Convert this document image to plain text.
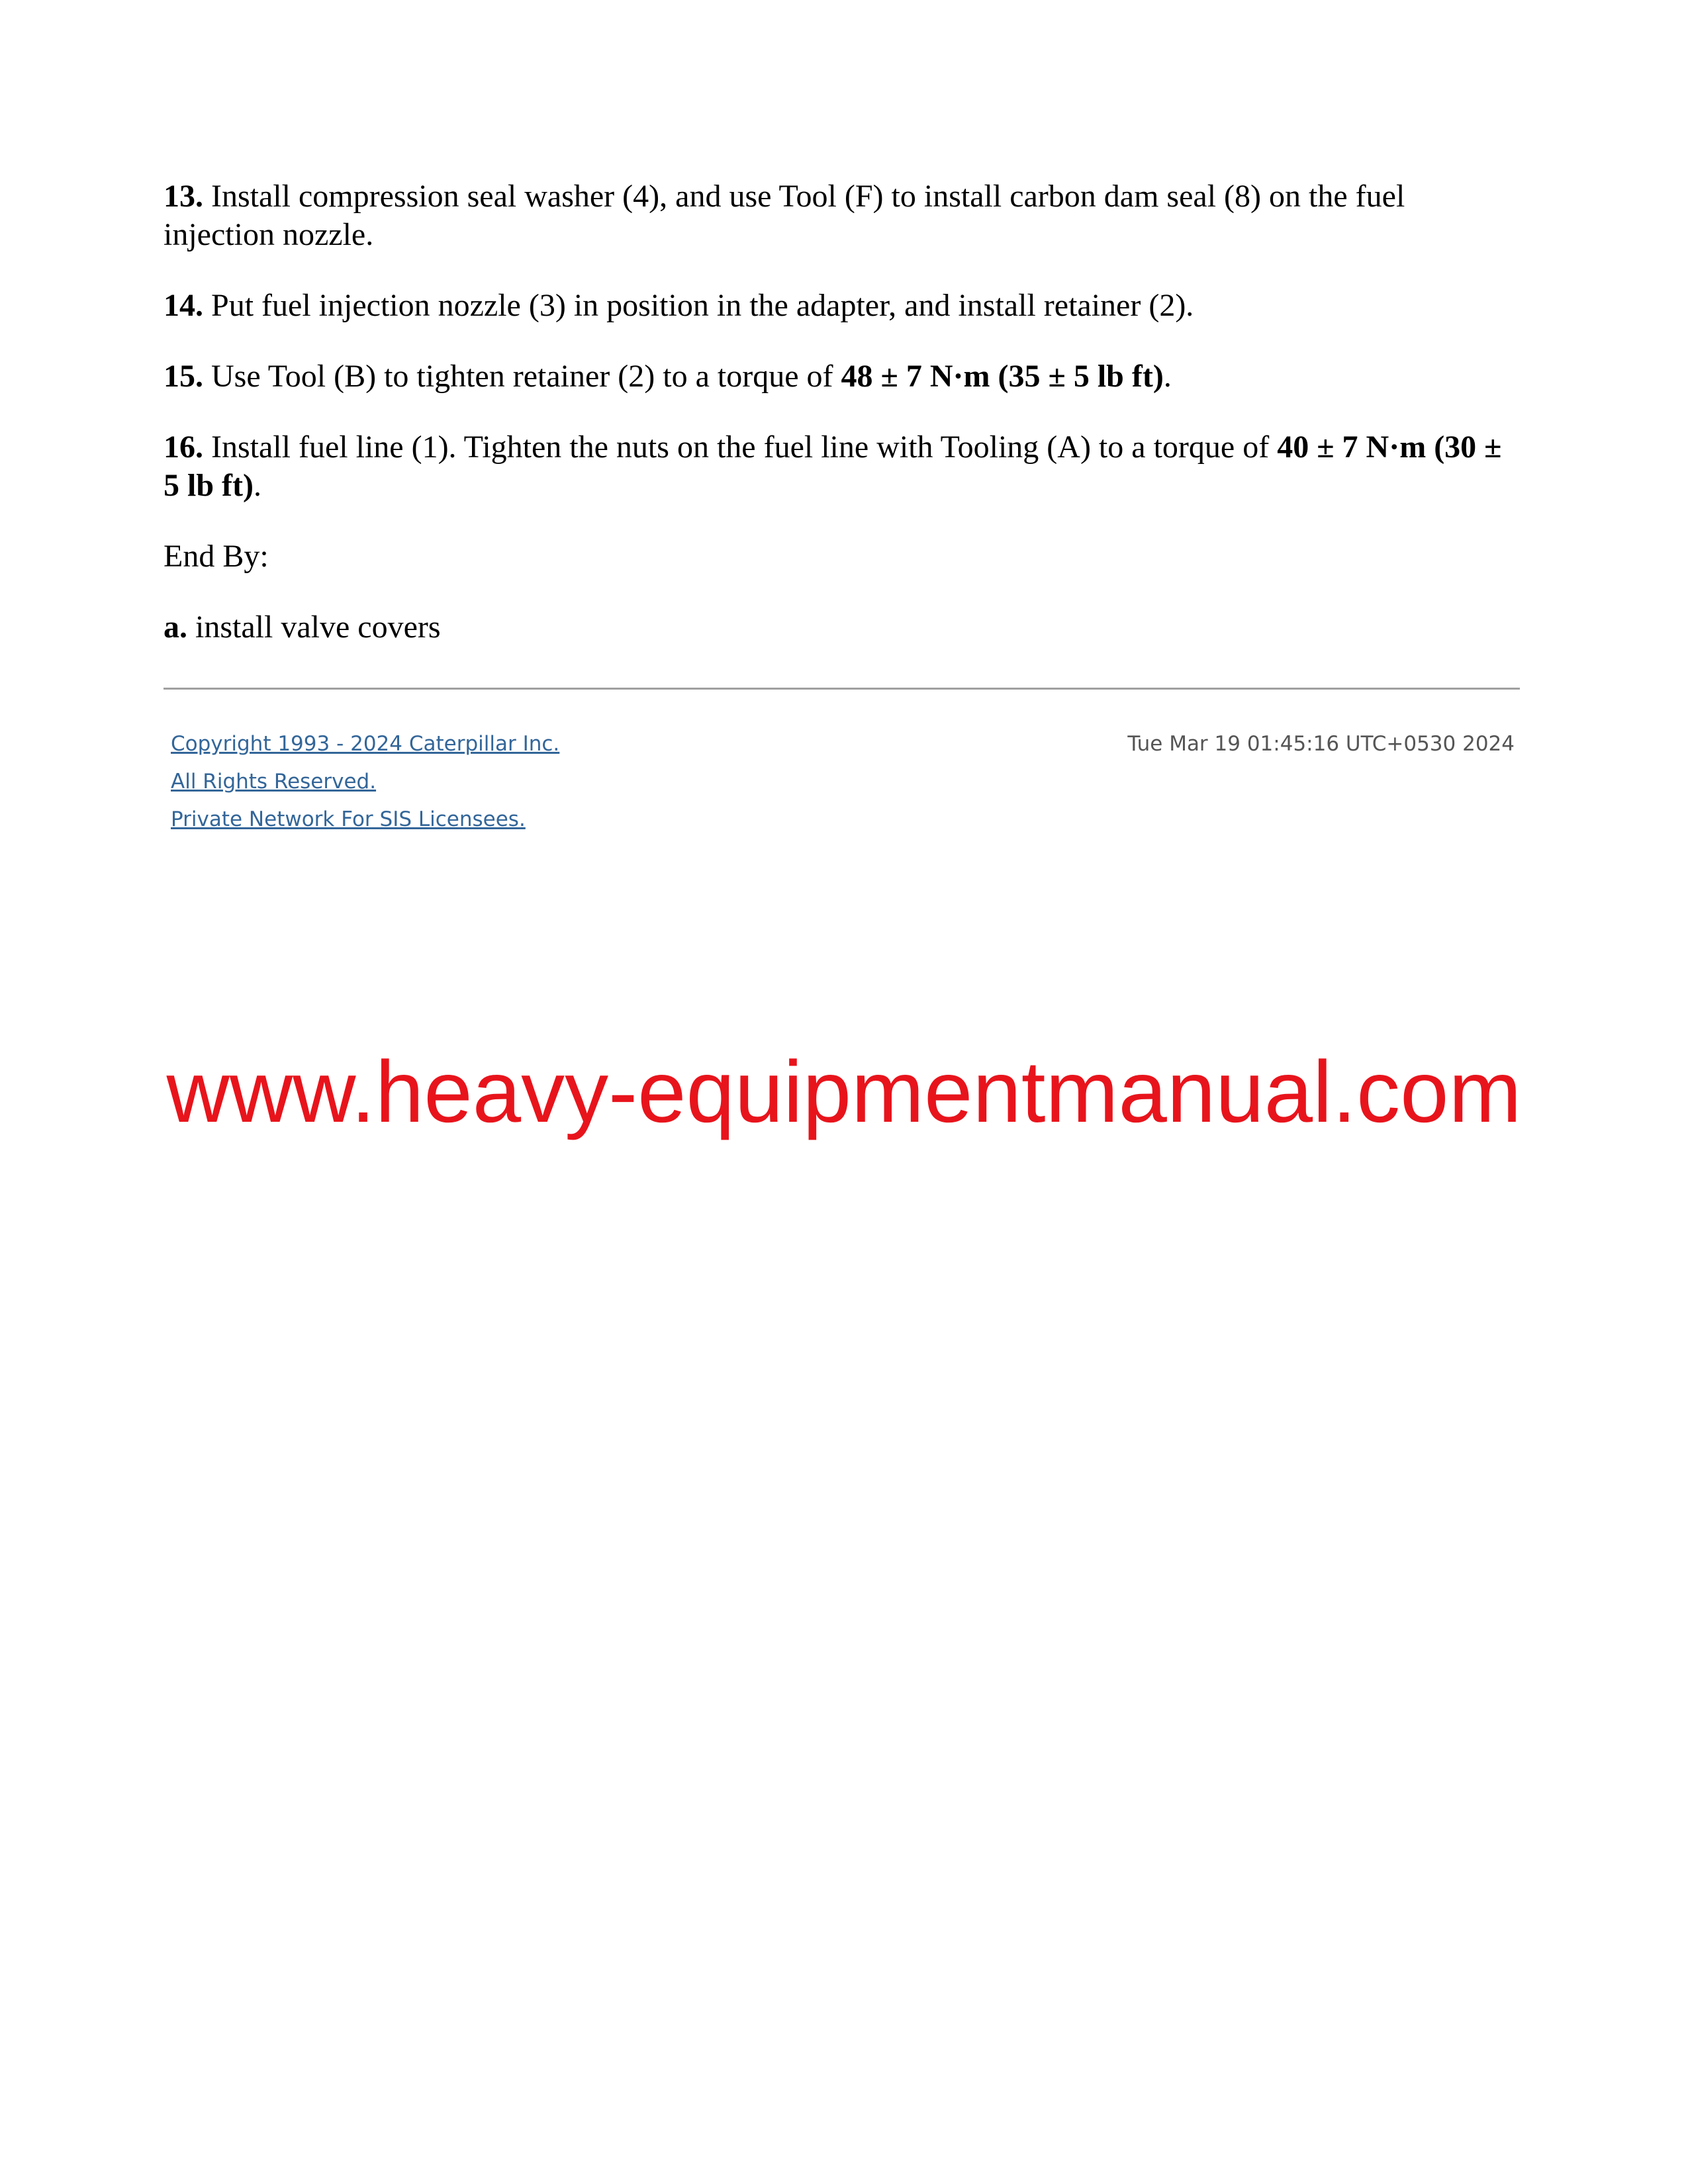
13. Install compression seal washer (4), and use Tool (F) to install carbon dam seal (8) on the fuel injection nozzle.

14. Put fuel injection nozzle (3) in position in the adapter, and install retainer (2).

15. Use Tool (B) to tighten retainer (2) to a torque of 48 ± 7 N·m (35 ± 5 lb ft).

16. Install fuel line (1). Tighten the nuts on the fuel line with Tooling (A) to a torque of 40 ± 7 N·m (30 ± 5 lb ft).

End By:

a. install valve covers

Copyright 1993 - 2024 Caterpillar Inc.
All Rights Reserved.
Private Network For SIS Licensees.
Tue Mar 19 01:45:16 UTC+0530 2024
www.heavy-equipmentmanual.com
